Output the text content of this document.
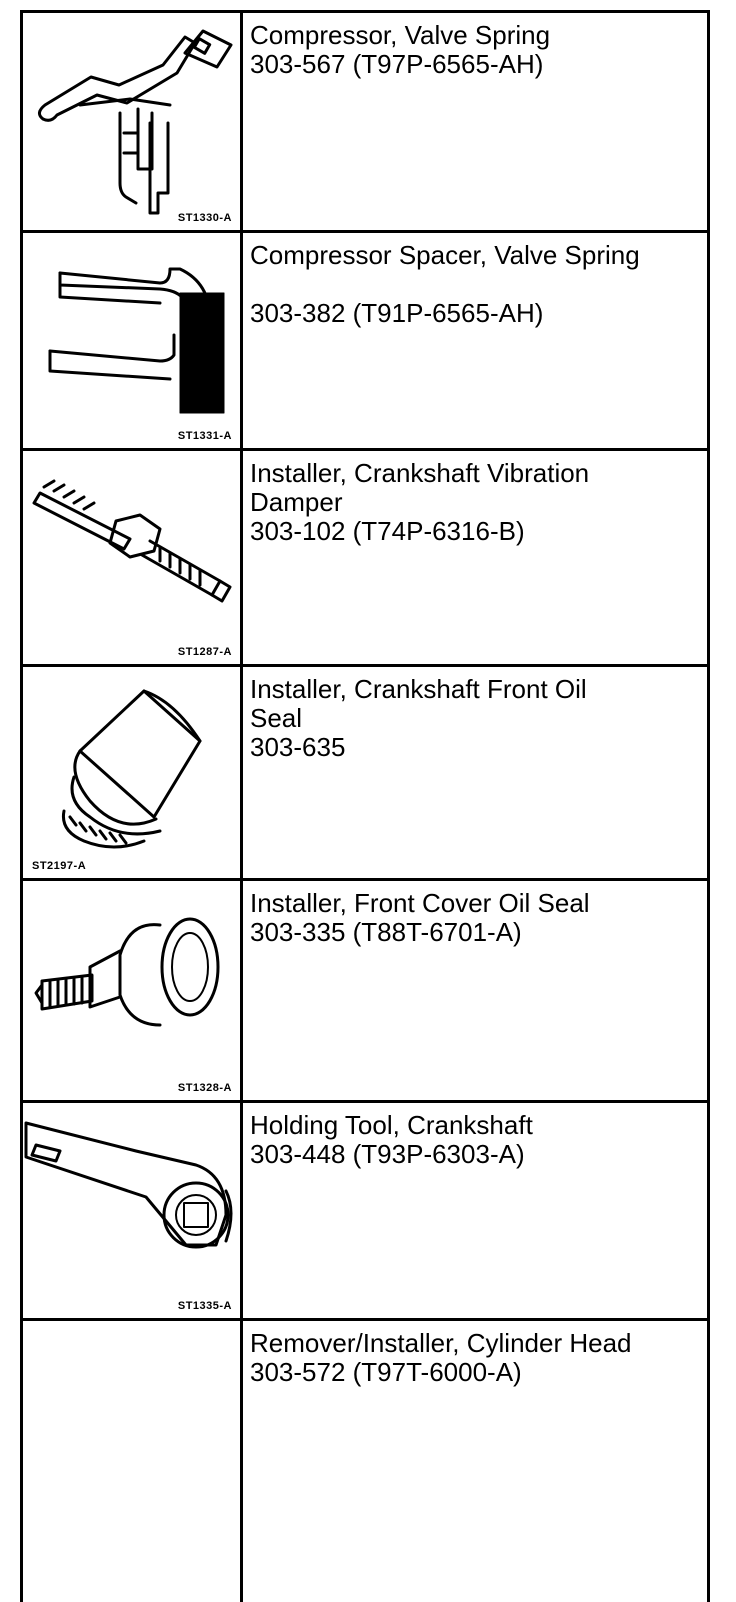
ST1330-A
Compressor, Valve Spring
303-567 (T97P-6565-AH)
ST1331-A
Compressor Spacer, Valve Spring

303-382 (T91P-6565-AH)
ST1287-A
Installer, Crankshaft Vibration
Damper
303-102 (T74P-6316-B)
ST2197-A
Installer, Crankshaft Front Oil
Seal
303-635
ST1328-A
Installer, Front Cover Oil Seal
303-335 (T88T-6701-A)
ST1335-A
Holding Tool, Crankshaft
303-448 (T93P-6303-A)
Remover/Installer, Cylinder Head
303-572 (T97T-6000-A)
